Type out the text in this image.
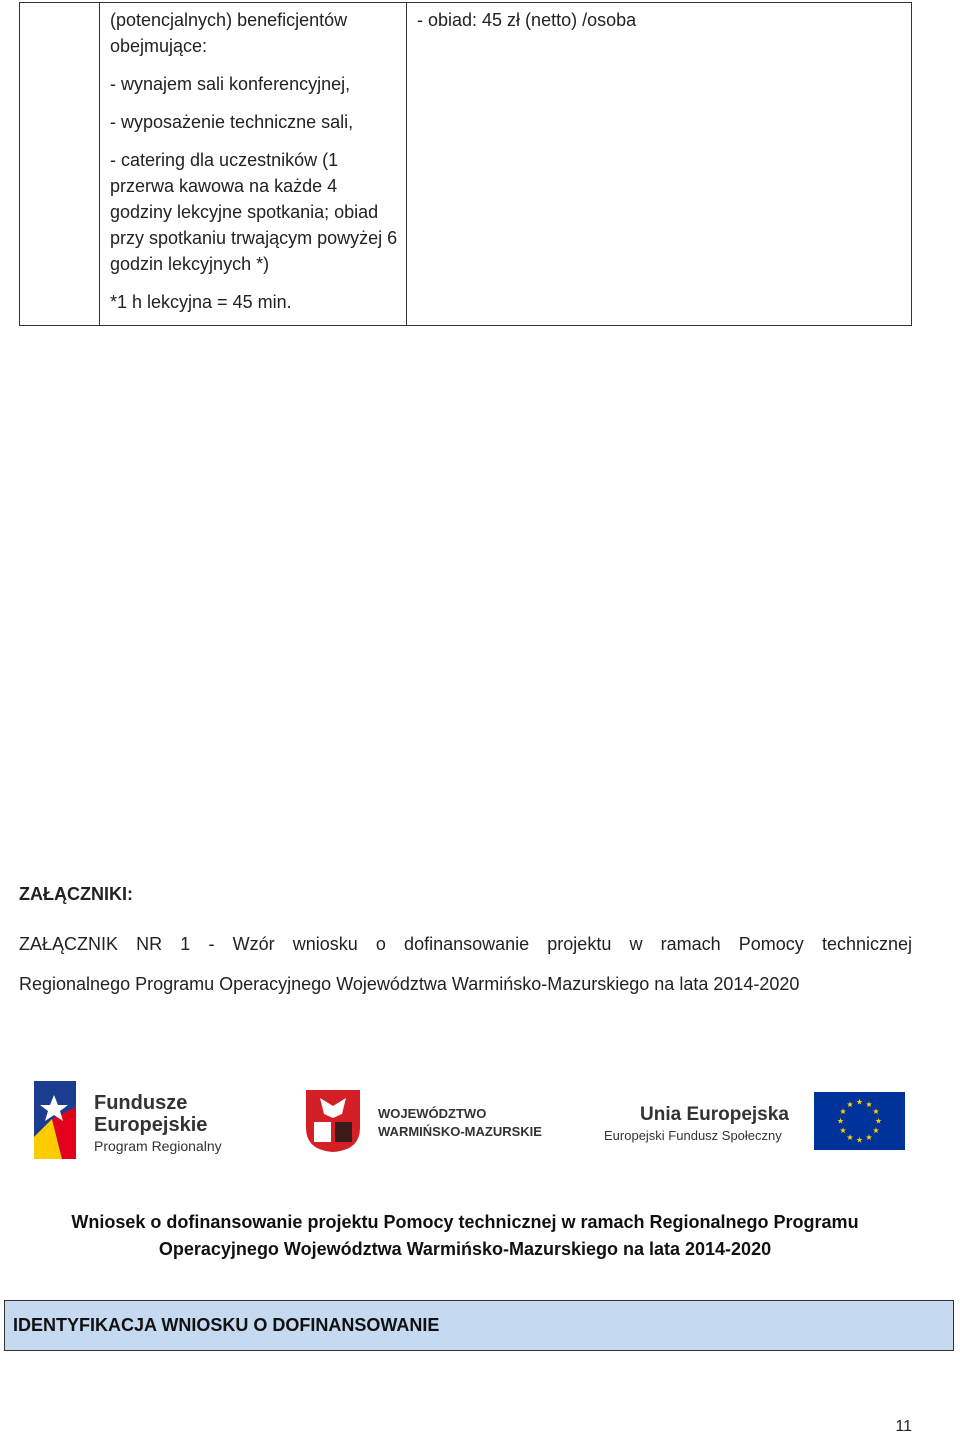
(potencjalnych) beneficjentów obejmujące:

- wynajem sali konferencyjnej,

- wyposażenie techniczne sali,

- catering dla uczestników (1 przerwa kawowa na każde 4 godziny lekcyjne spotkania; obiad przy spotkaniu trwającym powyżej 6 godzin lekcyjnych *)

*1 h lekcyjna = 45 min.

- obiad: 45 zł (netto) /osoba
ZAŁĄCZNIKI:
ZAŁĄCZNIK NR 1 - Wzór wniosku o dofinansowanie projektu w ramach Pomocy technicznej
Regionalnego Programu Operacyjnego Województwa Warmińsko-Mazurskiego na lata 2014-2020
Fundusze
Europejskie
Program Regionalny
WOJEWÓDZTWO
WARMIŃSKO-MAZURSKIE
Unia Europejska
Europejski Fundusz Społeczny
Wniosek o dofinansowanie projektu Pomocy technicznej w ramach Regionalnego Programu
Operacyjnego Województwa Warmińsko-Mazurskiego na lata 2014-2020
IDENTYFIKACJA WNIOSKU O DOFINANSOWANIE
11
